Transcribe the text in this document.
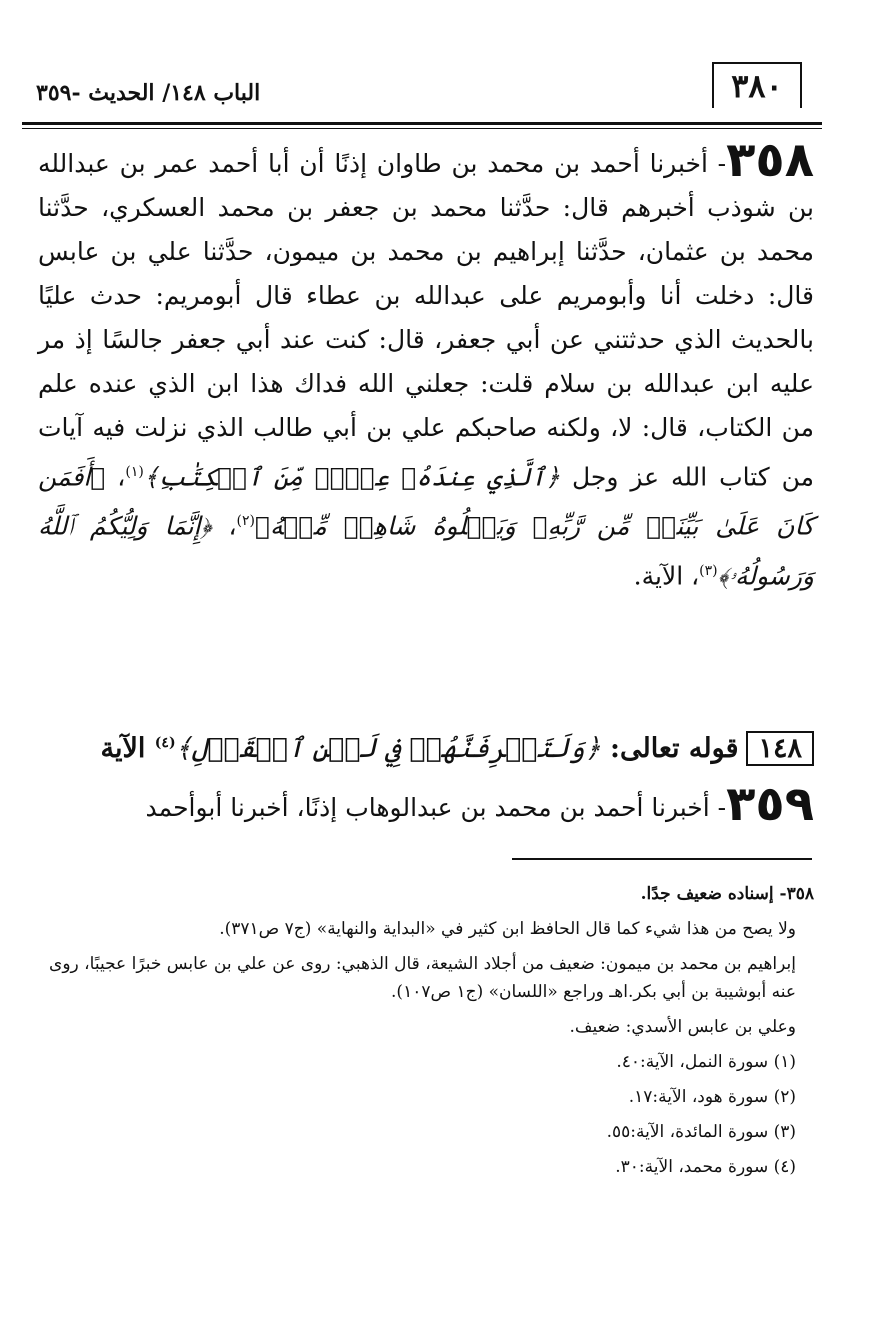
٣٨٠
الباب ١٤٨/ الحديث -٣٥٩
٣٥٨- أخبرنا أحمد بن محمد بن طاوان إذنًا أن أبا أحمد عمر بن عبدالله بن شوذب أخبرهم قال: حدَّثنا محمد بن جعفر بن محمد العسكري، حدَّثنا محمد بن عثمان، حدَّثنا إبراهيم بن محمد بن ميمون، حدَّثنا علي بن عابس قال: دخلت أنا وأبومريم على عبدالله بن عطاء قال أبومريم: حدث عليًا بالحديث الذي حدثتني عن أبي جعفر، قال: كنت عند أبي جعفر جالسًا إذ مر عليه ابن عبدالله بن سلام قلت: جعلني الله فداك هذا ابن الذي عنده علم من الكتاب، قال: لا، ولكنه صاحبكم علي بن أبي طالب الذي نزلت فيه آيات من كتاب الله عز وجل ﴿ٱلَّذِي عِندَهُۥ عِلۡمٞ مِّنَ ٱلۡكِتَٰبِ﴾$^{(١)}$، ﴿أَفَمَن كَانَ عَلَىٰ بَيِّنَةٖ مِّن رَّبِّهِۦ وَيَتۡلُوهُ شَاهِدٞ مِّنۡهُ﴾$^{(٢)}$، ﴿إِنَّمَا وَلِيُّكُمُ ٱللَّهُ وَرَسُولُهُۥ﴾$^{(٣)}$، الآية.
١٤٨قوله تعالى: ﴿وَلَتَعۡرِفَنَّهُمۡ فِي لَحۡنِ ٱلۡقَوۡلِ﴾$^{(٤)}$ الآية
٣٥٩- أخبرنا أحمد بن محمد بن عبدالوهاب إذنًا، أخبرنا أبوأحمد
٣٥٨- إسناده ضعيف جدًا.
ولا يصح من هذا شيء كما قال الحافظ ابن كثير في «البداية والنهاية» (ج٧ ص٣٧١).
إبراهيم بن محمد بن ميمون: ضعيف من أجلاد الشيعة، قال الذهبي: روى عن علي بن عابس خبرًا عجيبًا، روى عنه أبوشيبة بن أبي بكر.اهـ وراجع «اللسان» (ج١ ص١٠٧).
وعلي بن عابس الأسدي: ضعيف.
(١) سورة النمل، الآية:٤٠.
(٢) سورة هود، الآية:١٧.
(٣) سورة المائدة، الآية:٥٥.
(٤) سورة محمد، الآية:٣٠.
